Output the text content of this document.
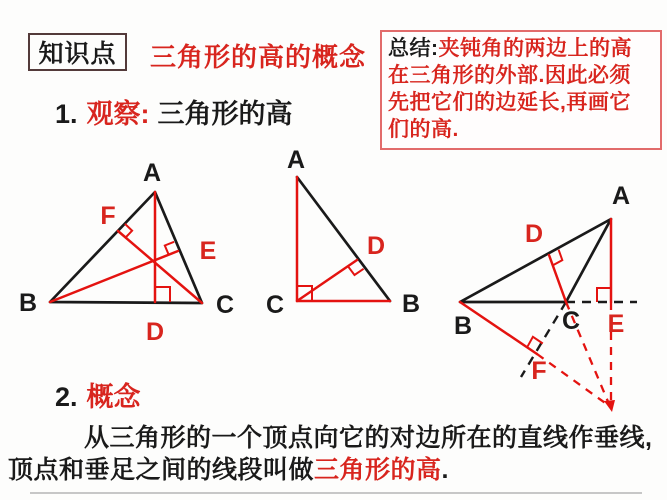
知识点 三角形的高的概念 总结:夹钝角的两边上的高
在三角形的外部.因此必须
先把它们的边延长,再画它
们的高.
1. 观察: 三角形的高
A
B	C
D
E
F
A
B
C
D
A
B	C
D
E
F
2. 概念
从三角形的一个顶点向它的对边所在的直线作垂线,
顶点和垂足之间的线段叫做三角形的高.
